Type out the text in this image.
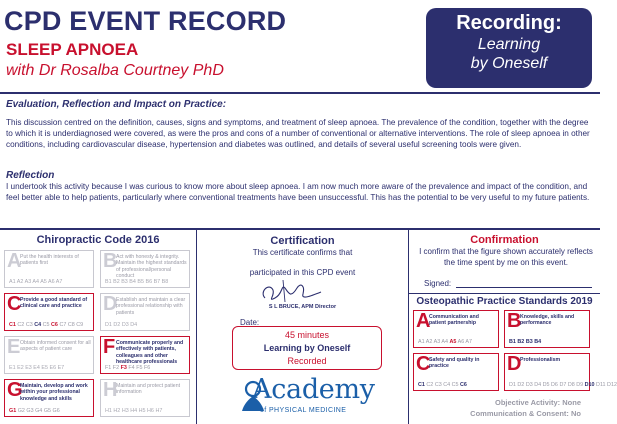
CPD EVENT RECORD
SLEEP APNOEA
with Dr Rosalba Courtney PhD
Recording:
Learning
by Oneself
Evaluation, Reflection and Impact on Practice:
This discussion centred on the definition, causes, signs and symptoms, and treatment of sleep apnoea. The prevalence of the condition, together with the degree to which it is underdiagnosed were covered, as were the pros and cons of a number of conventional or alternative interventions. The role of sleep apnoea in other conditions, including cardiovascular disease, hypertension and diabetes was outlined, and details of several useful screening tools were given.
Reflection
I undertook this activity because I was curious to know more about sleep apnoea. I am now much more aware of the prevalence and impact of the condition, and feel better able to help patients, particularly where conventional treatments have been unsuccessful. This has the potential to be very useful to my future patients.
Chiropractic Code 2016
A
Put the health interests of patients first
A1 A2 A3 A4 A5 A6 A7
B
Act with honesty & integrity. Maintain the highest standards of professional/personal conduct
B1 B2 B3 B4 B5 B6 B7 B8
C
Provide a good standard of clinical care and practice
C1 C2 C3 C4 C5 C6 C7 C8 C9
D
Establish and maintain a clear professional relationship with patients
D1 D2 D3 D4
E Obtain informed consent for all aspects of patient care
E1 E2 E3 E4 E5 E6 E7
F Communicate properly and effectively with patients, colleagues and other healthcare professionals
F1 F2 F3 F4 F5 F6
G
Maintain, develop and work within your professional knowledge and skills
G1 G2 G3 G4 G5 G6
H
Maintain and protect patient information
H1 H2 H3 H4 H5 H6 H7
Certification
This certificate confirms that
participated in this CPD event
S L BRUCE, APM Director
Date:
45 minutes
Learning by Oneself
Recorded
Academy
of PHYSICAL MEDICINE
Confirmation
I confirm that the figure shown accurately reflects the time spent by me on this event.
Signed:
Osteopathic Practice Standards 2019
A
Communication and patient partnership
A1 A2 A3 A4 A5 A6 A7
B
Knowledge, skills and performance
B1 B2 B3 B4
C
Safety and quality in practice
C1 C2 C3 C4 C5 C6
D
Professionalism
D1 D2 D3 D4 D5 D6 D7 D8 D9 D10 D11 D12
Objective Activity: None
Communication & Consent: No
